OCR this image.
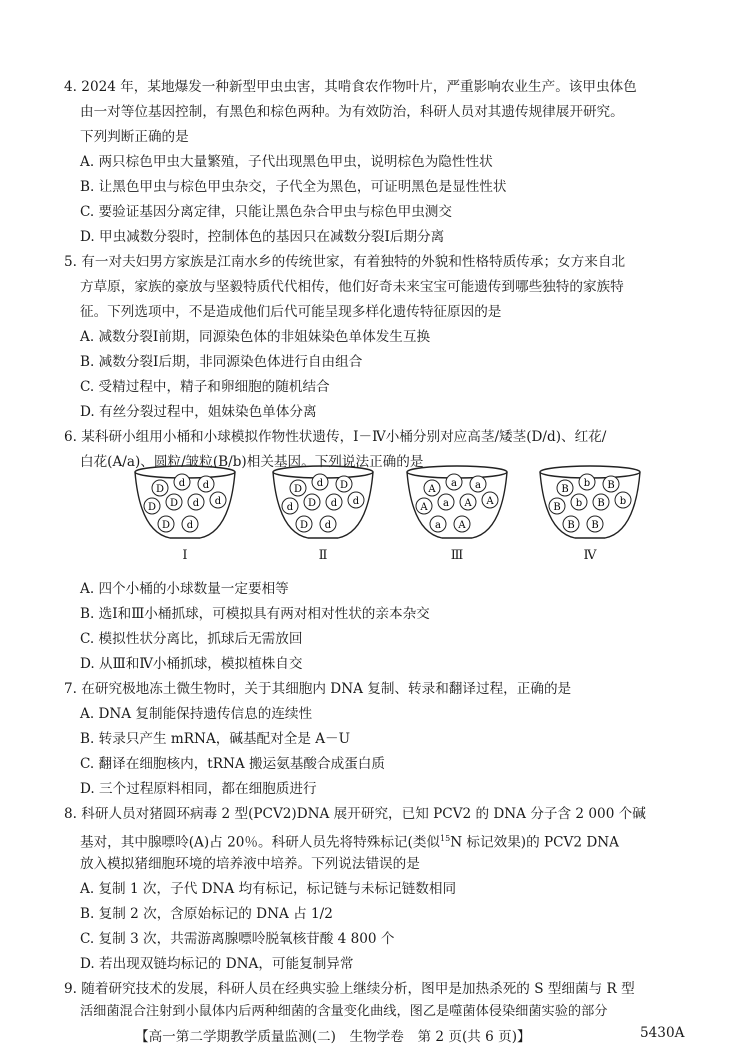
4. 2024 年，某地爆发一种新型甲虫虫害，其啃食农作物叶片，严重影响农业生产。该甲虫体色
由一对等位基因控制，有黑色和棕色两种。为有效防治，科研人员对其遗传规律展开研究。
下列判断正确的是
A. 两只棕色甲虫大量繁殖，子代出现黑色甲虫，说明棕色为隐性性状
B. 让黑色甲虫与棕色甲虫杂交，子代全为黑色，可证明黑色是显性性状
C. 要验证基因分离定律，只能让黑色杂合甲虫与棕色甲虫测交
D. 甲虫减数分裂时，控制体色的基因只在减数分裂Ⅰ后期分离
5. 有一对夫妇男方家族是江南水乡的传统世家，有着独特的外貌和性格特质传承；女方来自北
方草原，家族的豪放与坚毅特质代代相传，他们好奇未来宝宝可能遗传到哪些独特的家族特
征。下列选项中，不是造成他们后代可能呈现多样化遗传特征原因的是
A. 减数分裂Ⅰ前期，同源染色体的非姐妹染色单体发生互换
B. 减数分裂Ⅰ后期，非同源染色体进行自由组合
C. 受精过程中，精子和卵细胞的随机结合
D. 有丝分裂过程中，姐妹染色单体分离
6. 某科研小组用小桶和小球模拟作物性状遗传，Ⅰ－Ⅳ小桶分别对应高茎/矮茎(D/d)、红花/
白花(A/a)、圆粒/皱粒(B/b)相关基因。下列说法正确的是
D
d d
D D d d
D d
Ⅰ
D
d D
d D d d
D d
Ⅱ
A
a a
A a A A
a A
Ⅲ
B
b B
B b B b
B B
Ⅳ
A. 四个小桶的小球数量一定要相等
B. 选Ⅰ和Ⅲ小桶抓球，可模拟具有两对相对性状的亲本杂交
C. 模拟性状分离比，抓球后无需放回
D. 从Ⅲ和Ⅳ小桶抓球，模拟植株自交
7. 在研究极地冻土微生物时，关于其细胞内 DNA 复制、转录和翻译过程，正确的是
A. DNA 复制能保持遗传信息的连续性
B. 转录只产生 mRNA，碱基配对全是 A－U
C. 翻译在细胞核内，tRNA 搬运氨基酸合成蛋白质
D. 三个过程原料相同，都在细胞质进行
8. 科研人员对猪圆环病毒 2 型(PCV2)DNA 展开研究，已知 PCV2 的 DNA 分子含 2 000 个碱
基对，其中腺嘌呤(A)占 20％。科研人员先将特殊标记(类似$^{15}$N 标记效果)的 PCV2 DNA
放入模拟猪细胞环境的培养液中培养。下列说法错误的是
A. 复制 1 次，子代 DNA 均有标记，标记链与未标记链数相同
B. 复制 2 次，含原始标记的 DNA 占 1/2
C. 复制 3 次，共需游离腺嘌呤脱氧核苷酸 4 800 个
D. 若出现双链均标记的 DNA，可能复制异常
9. 随着研究技术的发展，科研人员在经典实验上继续分析，图甲是加热杀死的 S 型细菌与 R 型
活细菌混合注射到小鼠体内后两种细菌的含量变化曲线，图乙是噬菌体侵染细菌实验的部分
【高一第二学期教学质量监测(二)　生物学卷　第 2 页(共 6 页)】	5430A
